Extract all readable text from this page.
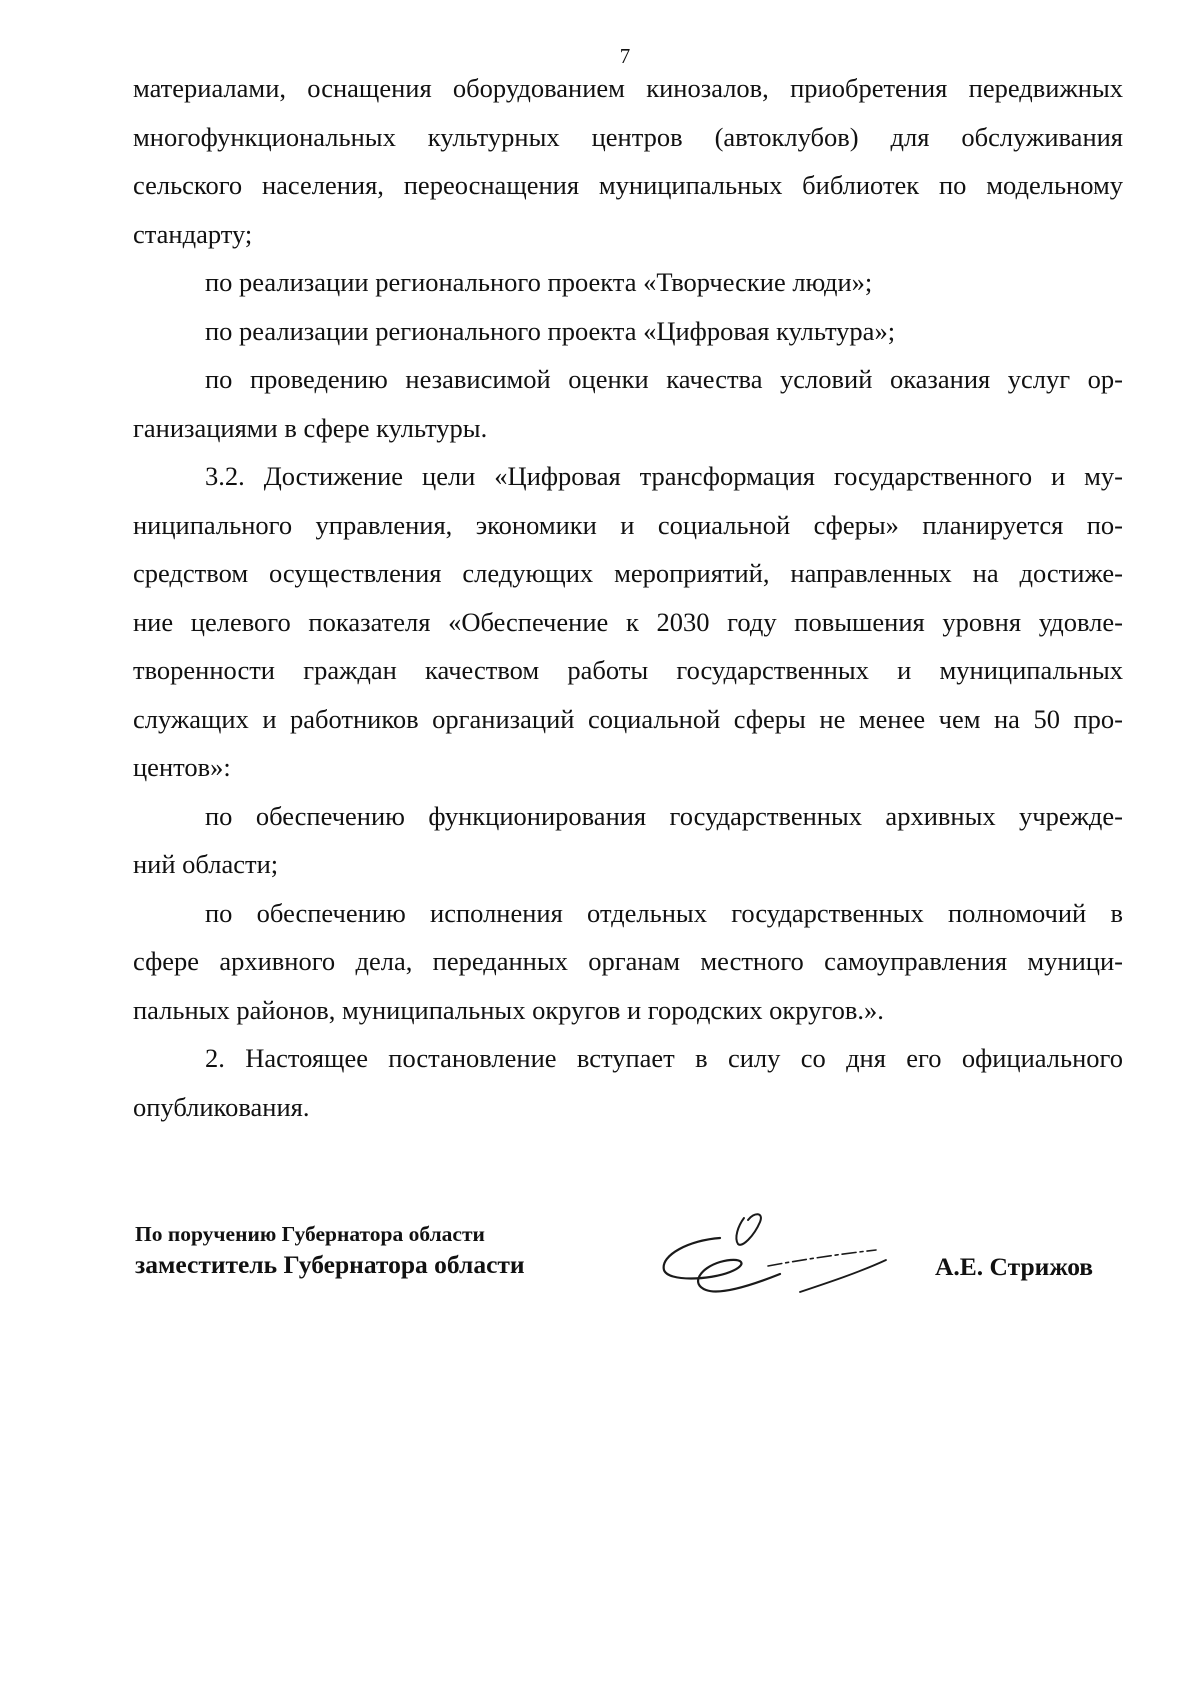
7

материалами, оснащения оборудованием кинозалов, приобретения передвижных
многофункциональных культурных центров (автоклубов) для обслуживания
сельского населения, переоснащения муниципальных библиотек по модельному
стандарту;

по реализации регионального проекта «Творческие люди»;

по реализации регионального проекта «Цифровая культура»;

по проведению независимой оценки качества условий оказания услуг ор-
ганизациями в сфере культуры.

3.2. Достижение цели «Цифровая трансформация государственного и му-
ниципального управления, экономики и социальной сферы» планируется по-
средством осуществления следующих мероприятий, направленных на достиже-
ние целевого показателя «Обеспечение к 2030 году повышения уровня удовле-
творенности граждан качеством работы государственных и муниципальных
служащих и работников организаций социальной сферы не менее чем на 50 про-
центов»:

по обеспечению функционирования государственных архивных учрежде-
ний области;

по обеспечению исполнения отдельных государственных полномочий в
сфере архивного дела, переданных органам местного самоуправления муници-
пальных районов, муниципальных округов и городских округов.».

2. Настоящее постановление вступает в силу со дня его официального
опубликования.

По поручению Губернатора области
заместитель Губернатора области	А.Е. Стрижов
